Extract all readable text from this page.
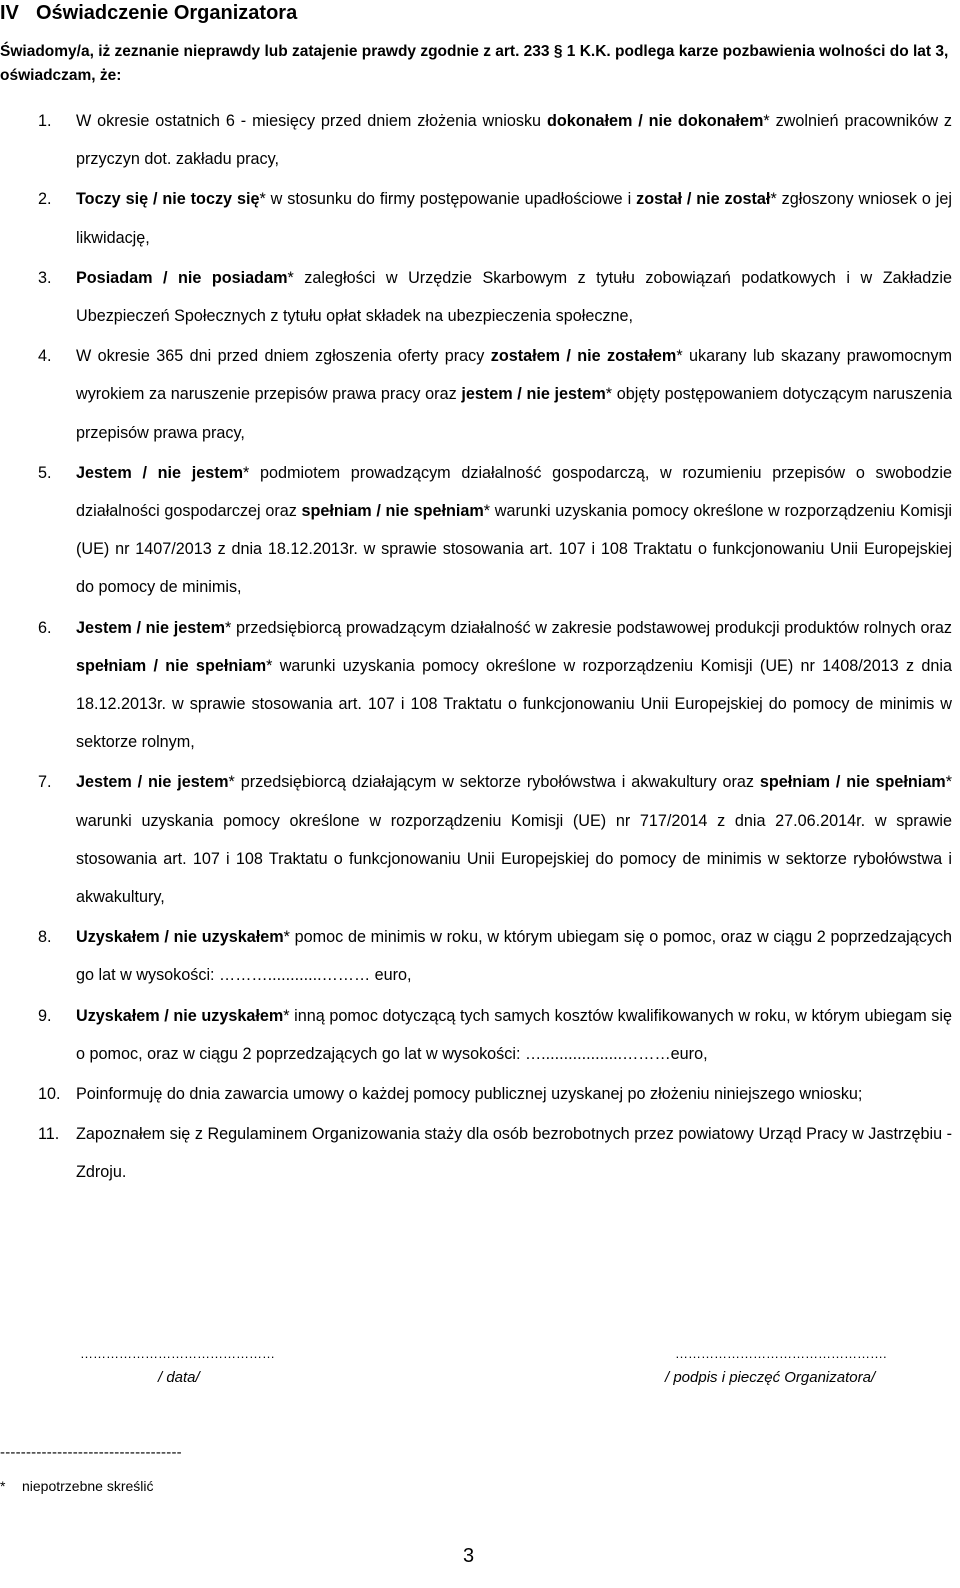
IV Oświadczenie Organizatora
Świadomy/a, iż zeznanie nieprawdy lub zatajenie prawdy zgodnie z art. 233 § 1 K.K. podlega karze pozbawienia wolności do lat 3, oświadczam, że:
1. W okresie ostatnich 6 - miesięcy przed dniem złożenia wniosku dokonałem / nie dokonałem* zwolnień pracowników z przyczyn dot. zakładu pracy,
2. Toczy się / nie toczy się* w stosunku do firmy postępowanie upadłościowe i został / nie został* zgłoszony wniosek o jej likwidację,
3. Posiadam / nie posiadam* zaległości w Urzędzie Skarbowym z tytułu zobowiązań podatkowych i w Zakładzie Ubezpieczeń Społecznych z tytułu opłat składek na ubezpieczenia społeczne,
4. W okresie 365 dni przed dniem zgłoszenia oferty pracy zostałem / nie zostałem* ukarany lub skazany prawomocnym wyrokiem za naruszenie przepisów prawa pracy oraz jestem / nie jestem* objęty postępowaniem dotyczącym naruszenia przepisów prawa pracy,
5. Jestem / nie jestem* podmiotem prowadzącym działalność gospodarczą, w rozumieniu przepisów o swobodzie działalności gospodarczej oraz spełniam / nie spełniam* warunki uzyskania pomocy określone w rozporządzeniu Komisji (UE) nr 1407/2013 z dnia 18.12.2013r. w sprawie stosowania art. 107 i 108 Traktatu o funkcjonowaniu Unii Europejskiej do pomocy de minimis,
6. Jestem / nie jestem* przedsiębiorcą prowadzącym działalność w zakresie podstawowej produkcji produktów rolnych oraz spełniam / nie spełniam* warunki uzyskania pomocy określone w rozporządzeniu Komisji (UE) nr 1408/2013 z dnia 18.12.2013r. w sprawie stosowania art. 107 i 108 Traktatu o funkcjonowaniu Unii Europejskiej do pomocy de minimis w sektorze rolnym,
7. Jestem / nie jestem* przedsiębiorcą działającym w sektorze rybołówstwa i akwakultury oraz spełniam / nie spełniam* warunki uzyskania pomocy określone w rozporządzeniu Komisji (UE) nr 717/2014 z dnia 27.06.2014r. w sprawie stosowania art. 107 i 108 Traktatu o funkcjonowaniu Unii Europejskiej do pomocy de minimis w sektorze rybołówstwa i akwakultury,
8. Uzyskałem / nie uzyskałem* pomoc de minimis w roku, w którym ubiegam się o pomoc, oraz w ciągu 2 poprzedzających go lat w wysokości: ………............……… euro,
9. Uzyskałem / nie uzyskałem* inną pomoc dotyczącą tych samych kosztów kwalifikowanych w roku, w którym ubiegam się o pomoc, oraz w ciągu 2 poprzedzających go lat w wysokości: …..................………euro,
10. Poinformuję do dnia zawarcia umowy o każdej pomocy publicznej uzyskanej po złożeniu niniejszego wniosku;
11. Zapoznałem się z Regulaminem Organizowania staży dla osób bezrobotnych przez powiatowy Urząd Pracy w Jastrzębiu -Zdroju.
………………………………………
/ data/
………………………………………….
/ podpis i pieczęć Organizatora/
-----------------------------------
* niepotrzebne skreślić
3
